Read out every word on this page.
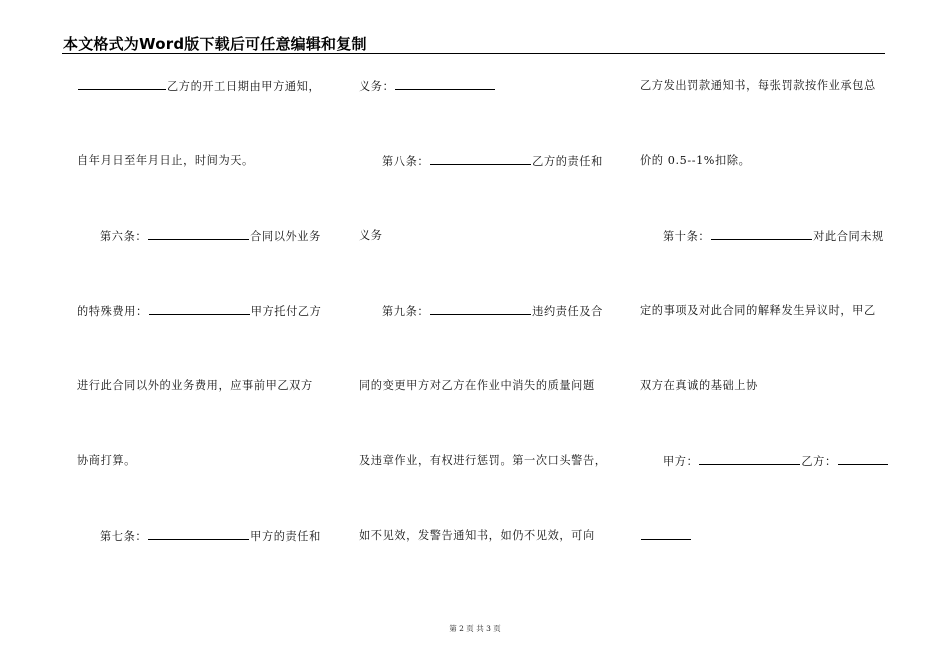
本文格式为Word版下载后可任意编辑和复制
乙方的开工日期由甲方通知，
自年月日至年月日止，时间为天。
第六条：	合同以外业务
的特殊费用：	甲方托付乙方
进行此合同以外的业务费用，应事前甲乙双方
协商打算。
第七条：	甲方的责任和
义务：
第八条：	乙方的责任和
义务
第九条：	违约责任及合
同的变更甲方对乙方在作业中消失的质量问题
及违章作业，有权进行惩罚。第一次口头警告，
如不见效，发警告通知书，如仍不见效，可向
乙方发出罚款通知书，每张罚款按作业承包总
价的 0.5--1%扣除。
第十条：	对此合同未规
定的事项及对此合同的解释发生异议时，甲乙
双方在真诚的基础上协
甲方：	乙方：
第 2 页 共 3 页
